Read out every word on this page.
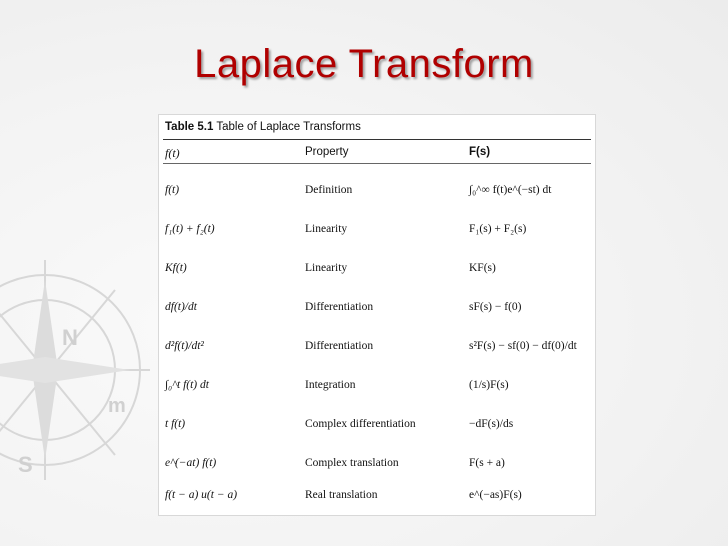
N
S
m
Laplace Transform
Table 5.1 Table of Laplace Transforms
f(t)	Property	F(s)
f(t)	Definition	∫₀^∞ f(t)e^(−st) dt
f₁(t) + f₂(t)	Linearity	F₁(s) + F₂(s)
Kf(t)	Linearity	KF(s)
df(t)/dt	Differentiation	sF(s) − f(0)
d²f(t)/dt²	Differentiation	s²F(s) − sf(0) − df(0)/dt
∫₀^t f(t) dt	Integration	(1/s)F(s)
t f(t)	Complex differentiation	−dF(s)/ds
e^(−at) f(t)	Complex translation	F(s + a)
f(t − a) u(t − a)	Real translation	e^(−as)F(s)
